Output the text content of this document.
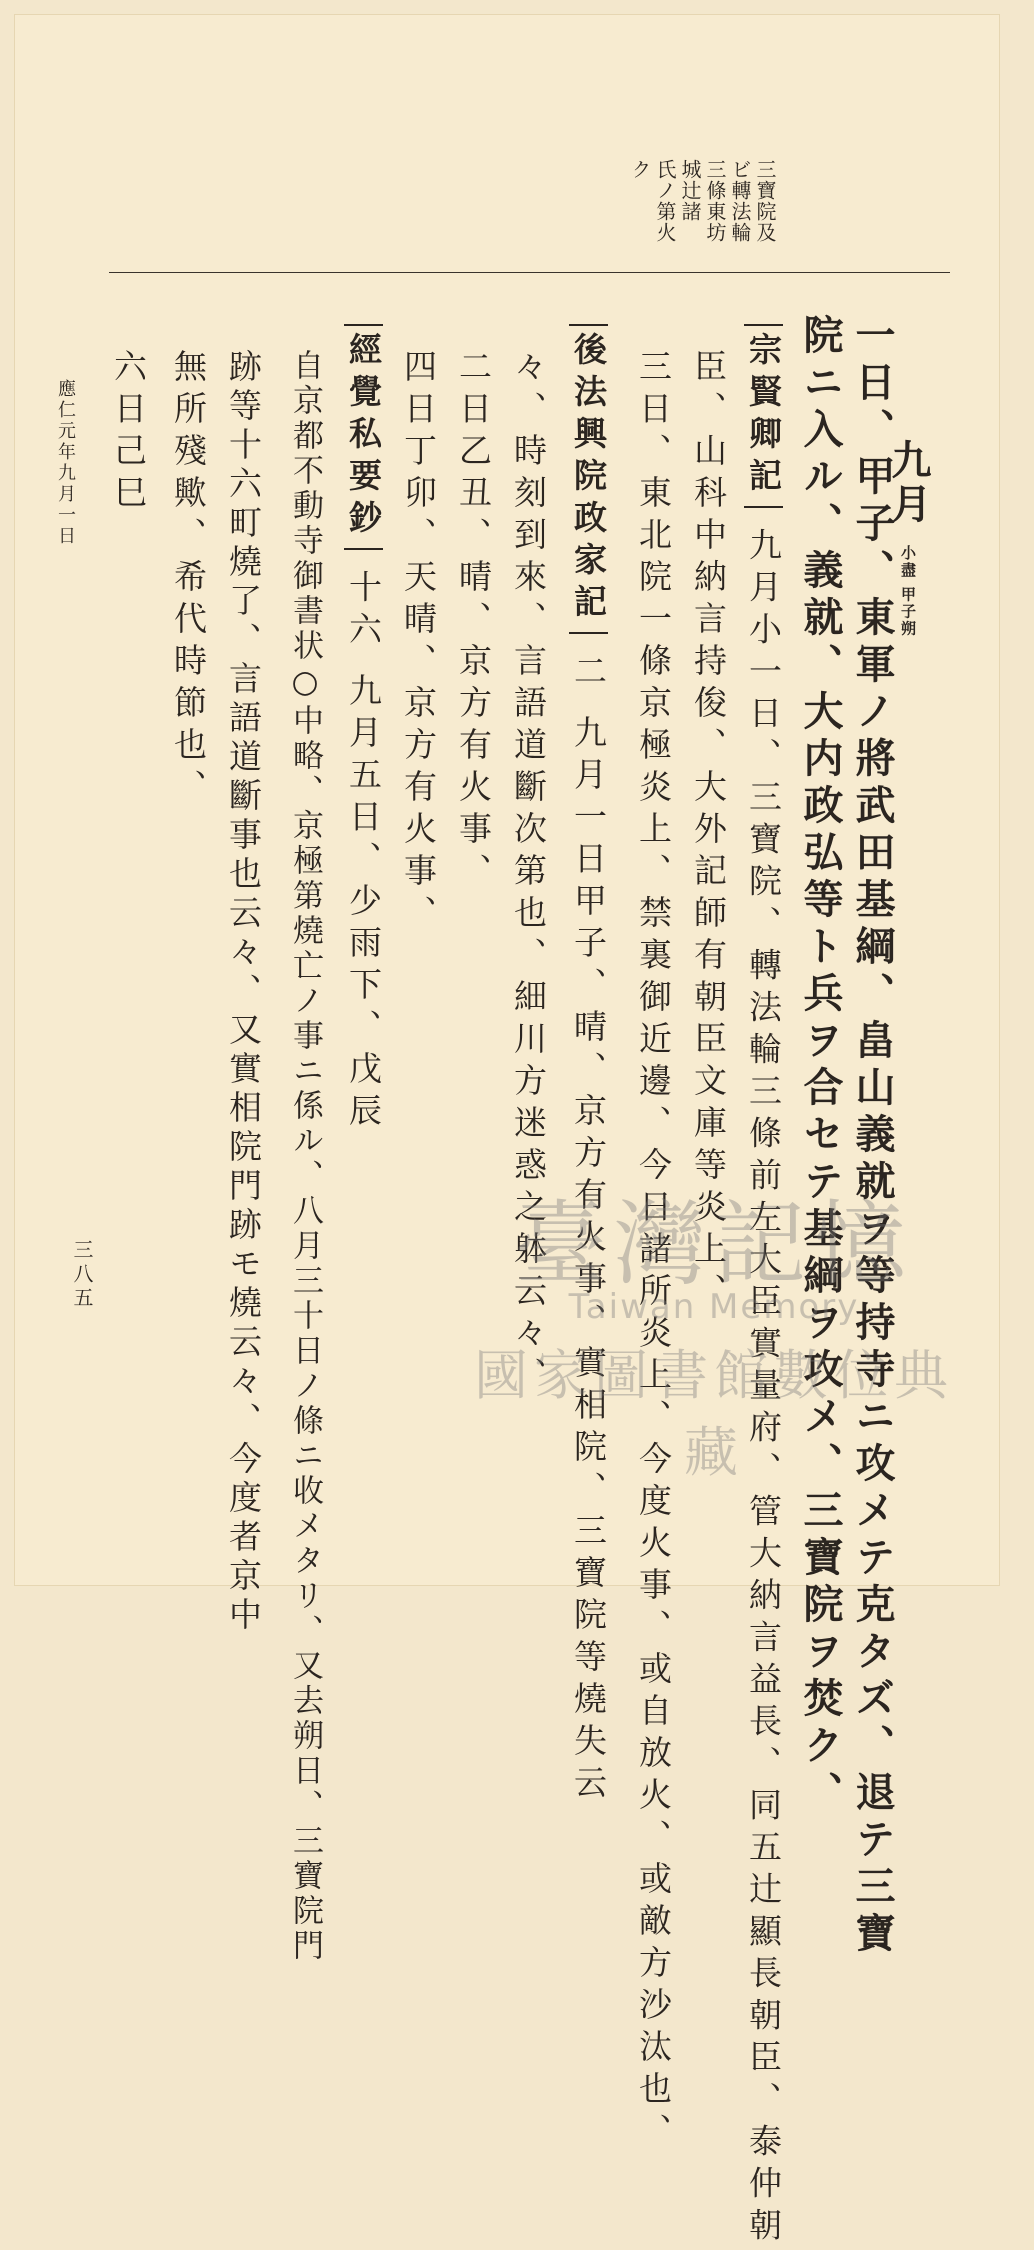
三寶院及
ビ轉法輪
三條東坊
城辻諸
氏ノ第火
ク
九月 小盡 甲子朔
一日、甲子、東軍ノ將武田基綱、畠山義就ヲ等持寺ニ攻メテ克タズ、退テ三寶
院ニ入ル、義就、大内政弘等ト兵ヲ合セテ基綱ヲ攻メ、三寶院ヲ焚ク、
宗賢卿記 九月小一日、三寶院、轉法輪三條前左大臣實量府、管大納言益長、同五辻顯長朝臣、泰仲朝
臣、山科中納言持俊、大外記師有朝臣文庫等炎上、
三日、東北院一條京極炎上、禁裏御近邊、今日諸所炎上、今度火事、或自放火、或敵方沙汰也、
後法興院政家記 二 九月一日甲子、晴、京方有火事、實相院、三寶院等燒失云
々、時刻到來、言語道斷次第也、細川方迷惑之躰云々、
二日乙丑、晴、京方有火事、
四日丁卯、天晴、京方有火事、
經覺私要鈔 十六 九月五日、少雨下、戊辰
自京都不動寺御書状○中略、京極第燒亡ノ事ニ係ル、八月三十日ノ條ニ收メタリ、又去朔日、三寶院門
跡等十六町燒了、言語道斷事也云々、又實相院門跡モ燒云々、今度者京中
無所殘歟、希代時節也、
六日己巳
應仁元年九月一日
三八五	臺灣記憶
Taiwan Memory
國家圖書館數位典藏
